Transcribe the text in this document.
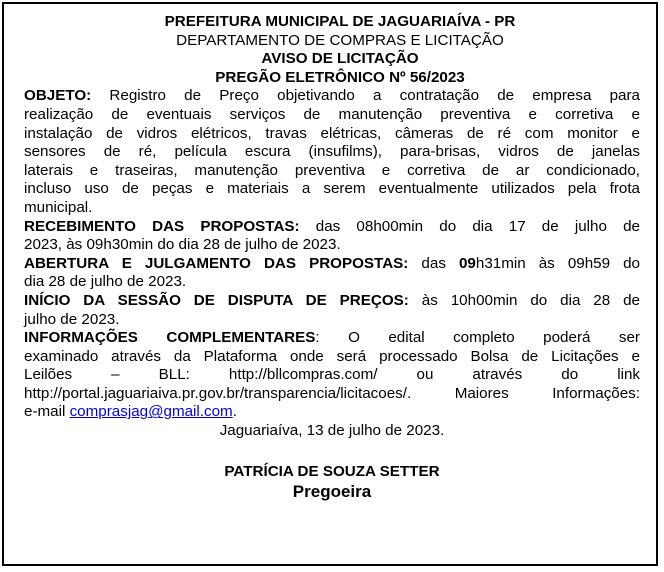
PREFEITURA MUNICIPAL DE JAGUARIAÍVA - PR
DEPARTAMENTO DE COMPRAS E LICITAÇÃO
AVISO DE LICITAÇÃO
PREGÃO ELETRÔNICO Nº 56/2023

OBJETO: Registro de Preço objetivando a contratação de empresa para
realização de eventuais serviços de manutenção preventiva e corretiva e
instalação de vidros elétricos, travas elétricas, câmeras de ré com monitor e
sensores de ré, película escura (insufilms), para-brisas, vidros de janelas
laterais e traseiras, manutenção preventiva e corretiva de ar condicionado,
incluso uso de peças e materiais a serem eventualmente utilizados pela frota
municipal.

RECEBIMENTO DAS PROPOSTAS: das 08h00min do dia 17 de julho de
2023, às 09h30min do dia 28 de julho de 2023.

ABERTURA E JULGAMENTO DAS PROPOSTAS: das 09h31min às 09h59 do
dia 28 de julho de 2023.

INÍCIO DA SESSÃO DE DISPUTA DE PREÇOS: às 10h00min do dia 28 de
julho de 2023.

INFORMAÇÕES COMPLEMENTARES: O edital completo poderá ser
examinado através da Plataforma onde será processado Bolsa de Licitações e
Leilões – BLL: http://bllcompras.com/ ou através do link
http://portal.jaguariaiva.pr.gov.br/transparencia/licitacoes/. Maiores Informações:
e-mail comprasjag@gmail.com.

Jaguariaíva, 13 de julho de 2023.
PATRÍCIA DE SOUZA SETTER
Pregoeira
